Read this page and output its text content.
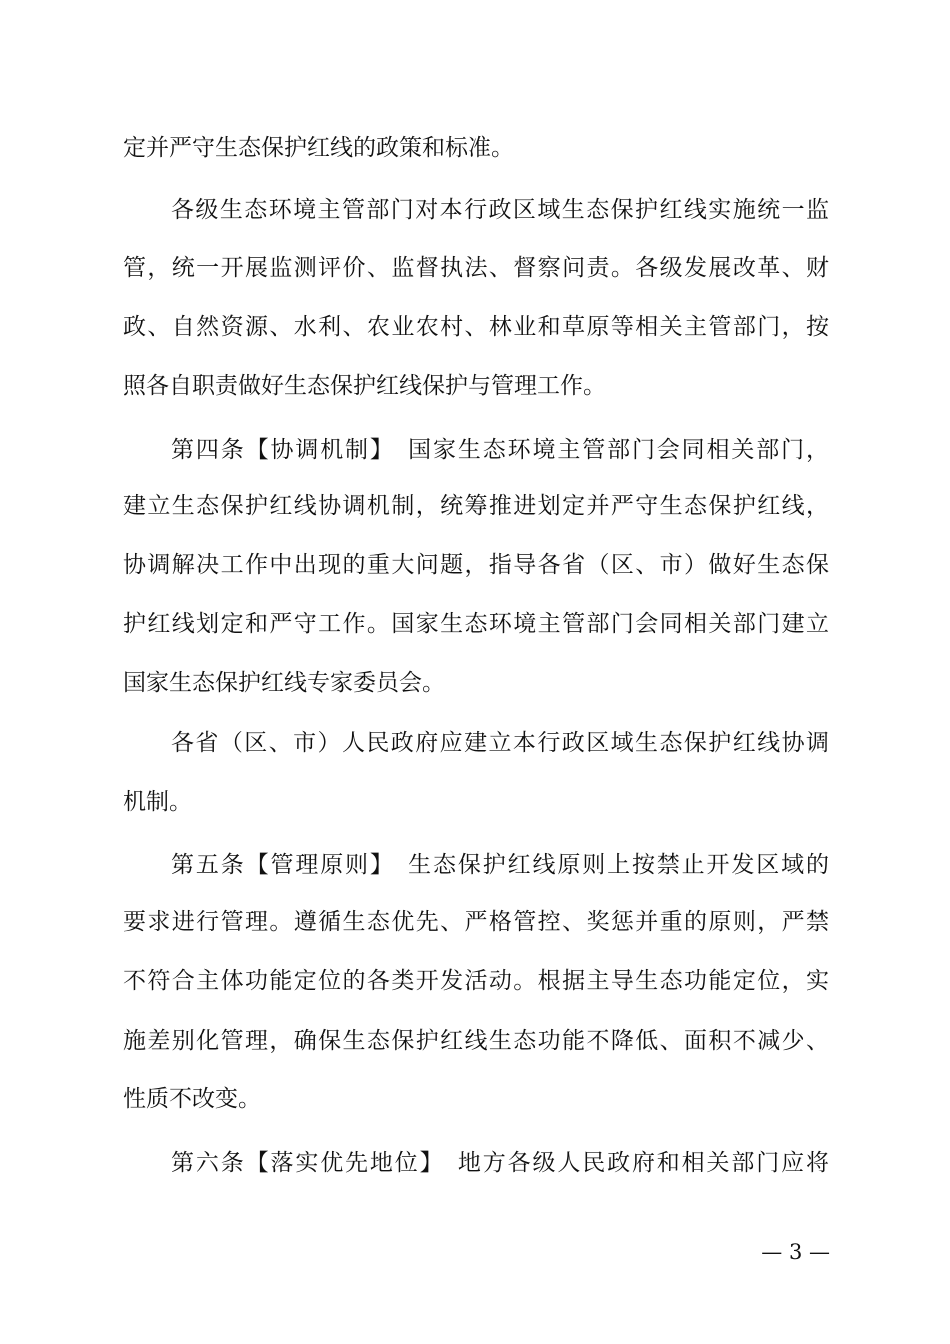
定并严守生态保护红线的政策和标准。
各级生态环境主管部门对本行政区域生态保护红线实施统一监
管，统一开展监测评价、监督执法、督察问责。各级发展改革、财
政、自然资源、水利、农业农村、林业和草原等相关主管部门，按
照各自职责做好生态保护红线保护与管理工作。
第四条【协调机制】　国家生态环境主管部门会同相关部门，
建立生态保护红线协调机制，统筹推进划定并严守生态保护红线，
协调解决工作中出现的重大问题，指导各省（区、市）做好生态保
护红线划定和严守工作。国家生态环境主管部门会同相关部门建立
国家生态保护红线专家委员会。
各省（区、市）人民政府应建立本行政区域生态保护红线协调
机制。
第五条【管理原则】　生态保护红线原则上按禁止开发区域的
要求进行管理。遵循生态优先、严格管控、奖惩并重的原则，严禁
不符合主体功能定位的各类开发活动。根据主导生态功能定位，实
施差别化管理，确保生态保护红线生态功能不降低、面积不减少、
性质不改变。
第六条【落实优先地位】　地方各级人民政府和相关部门应将
— 3 —
